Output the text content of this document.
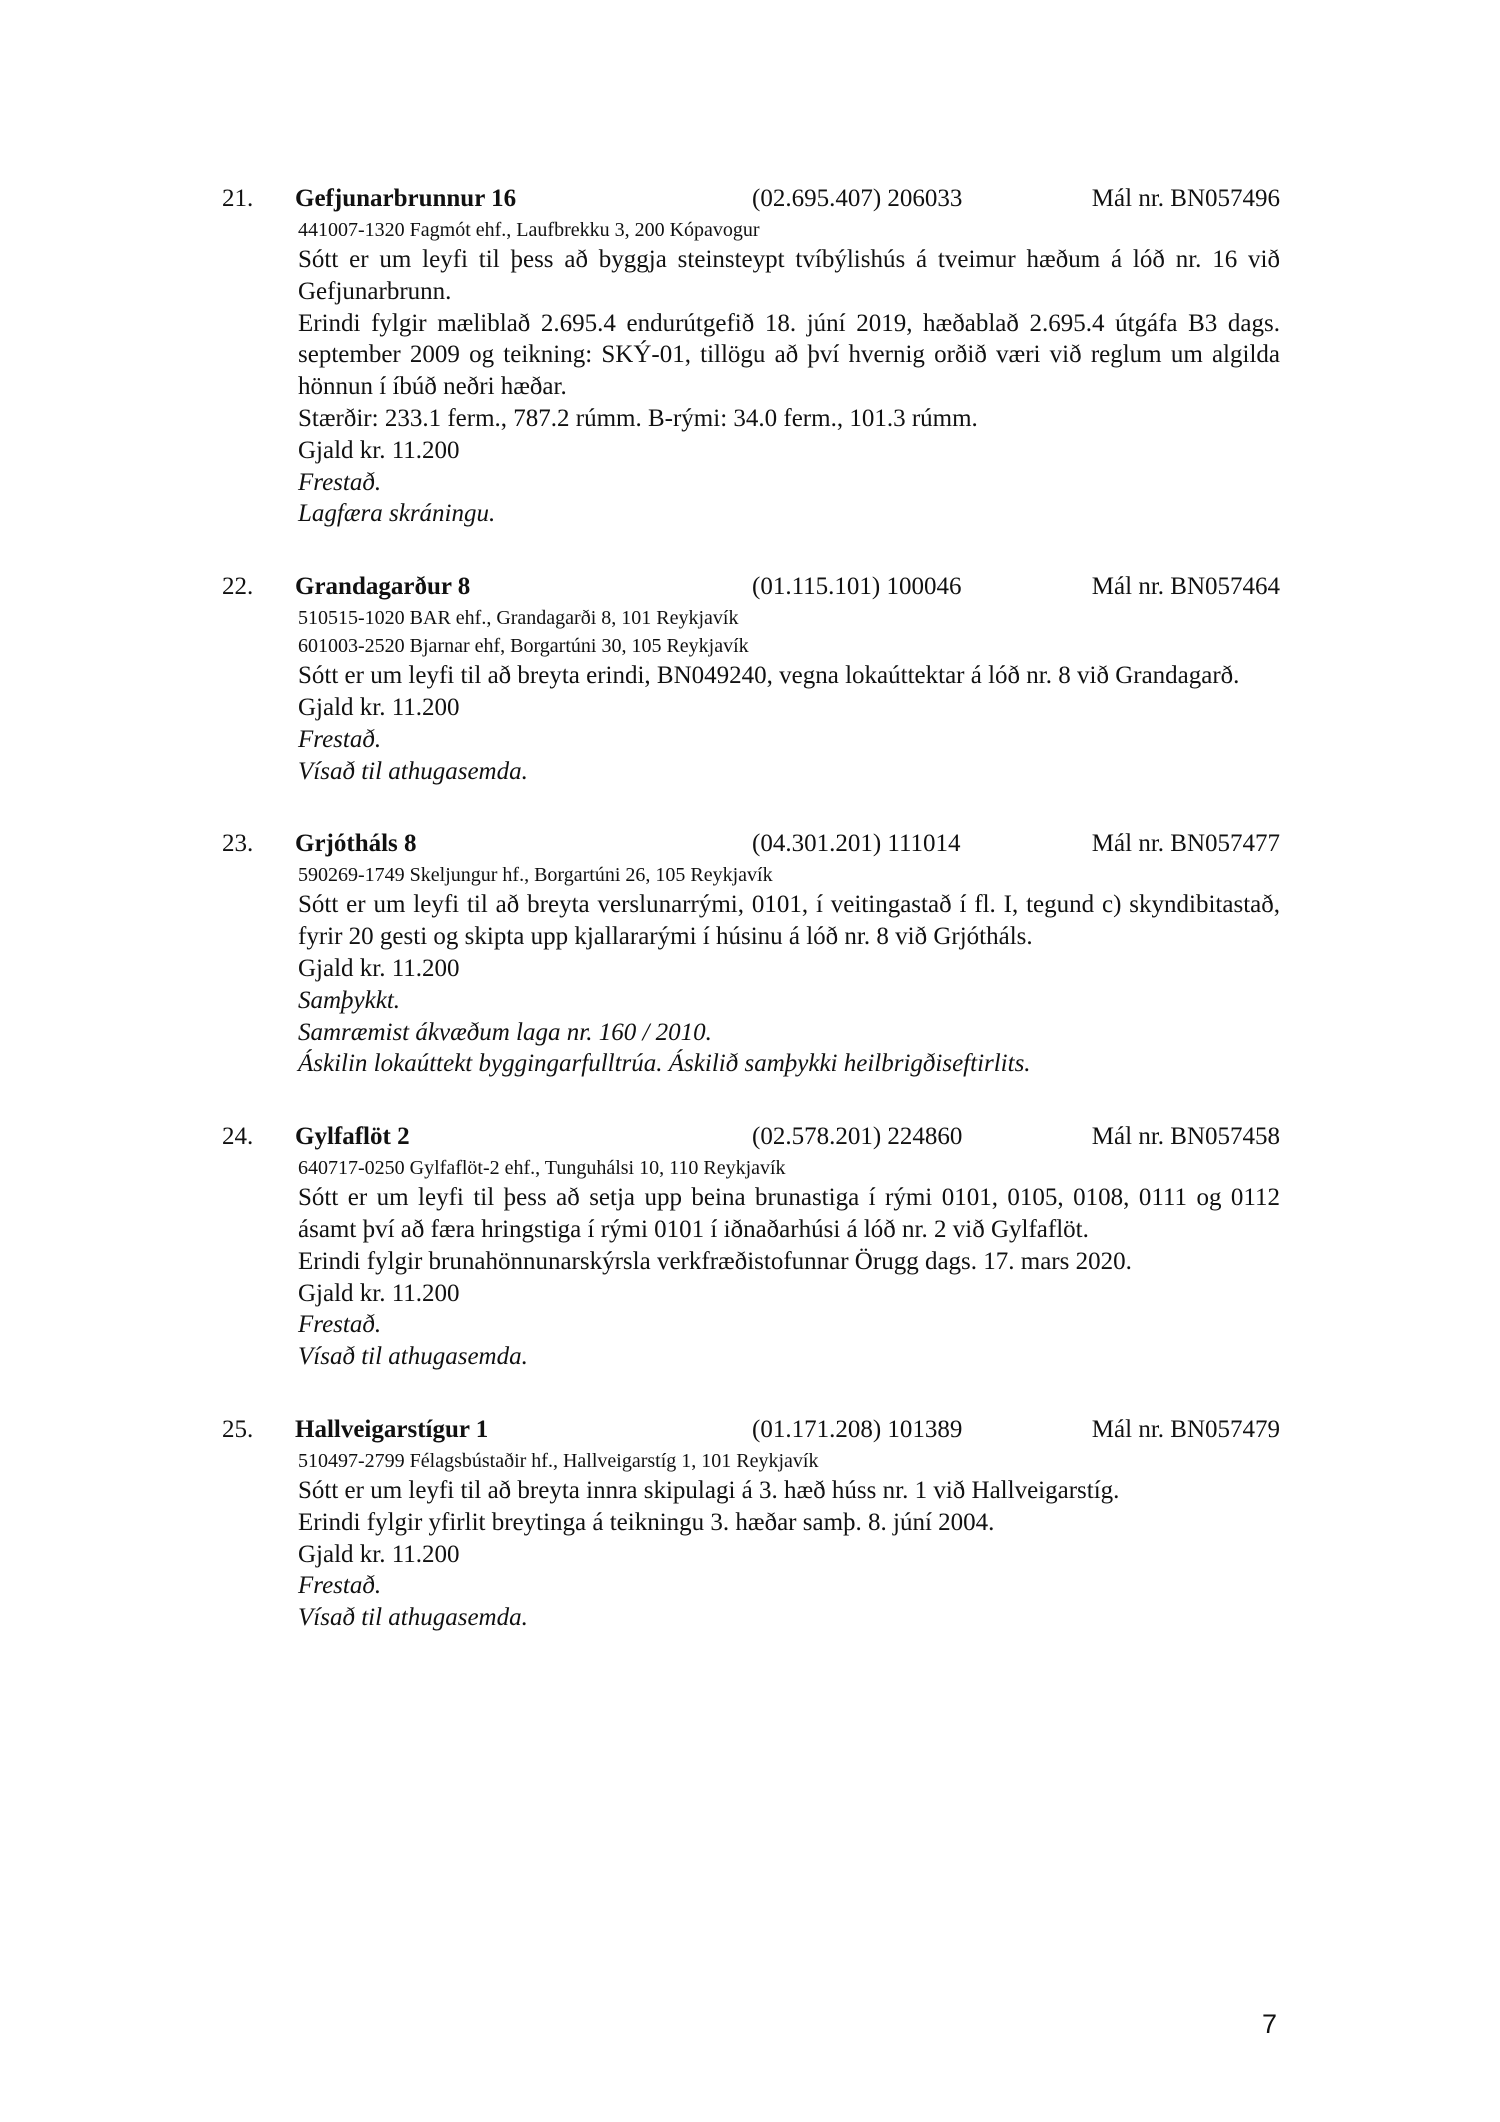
21. Gefjunarbrunnur 16	(02.695.407) 206033	Mál nr. BN057496
441007-1320 Fagmót ehf., Laufbrekku 3, 200 Kópavogur
Sótt er um leyfi til þess að byggja steinsteypt tvíbýlishús á tveimur hæðum á lóð nr. 16 við Gefjunarbrunn.
Erindi fylgir mæliblað 2.695.4 endurútgefið 18. júní 2019, hæðablað 2.695.4 útgáfa B3 dags. september 2009 og teikning: SKÝ-01, tillögu að því hvernig orðið væri við reglum um algilda hönnun í íbúð neðri hæðar.
Stærðir: 233.1 ferm., 787.2 rúmm. B-rými: 34.0 ferm., 101.3 rúmm.
Gjald kr. 11.200
Frestað.
Lagfæra skráningu.
22. Grandagarður 8	(01.115.101) 100046	Mál nr. BN057464
510515-1020 BAR ehf., Grandagarði 8, 101 Reykjavík
601003-2520 Bjarnar ehf, Borgartúni 30, 105 Reykjavík
Sótt er um leyfi til að breyta erindi, BN049240, vegna lokaúttektar á lóð nr. 8 við Grandagarð.
Gjald kr. 11.200
Frestað.
Vísað til athugasemda.
23. Grjótháls 8	(04.301.201) 111014	Mál nr. BN057477
590269-1749 Skeljungur hf., Borgartúni 26, 105 Reykjavík
Sótt er um leyfi til að breyta verslunarrými, 0101, í veitingastað í fl. I, tegund c) skyndibitastað, fyrir 20 gesti og skipta upp kjallararými í húsinu á lóð nr. 8 við Grjótháls.
Gjald kr. 11.200
Samþykkt.
Samræmist ákvæðum laga nr. 160 / 2010.
Áskilin lokaúttekt byggingarfulltrúa. Áskilið samþykki heilbrigðiseftirlits.
24. Gylfaflöt 2	(02.578.201) 224860	Mál nr. BN057458
640717-0250 Gylfaflöt-2 ehf., Tunguhálsi 10, 110 Reykjavík
Sótt er um leyfi til þess að setja upp beina brunastiga í rými 0101, 0105, 0108, 0111 og 0112 ásamt því að færa hringstiga í rými 0101 í iðnaðarhúsi á lóð nr. 2 við Gylfaflöt.
Erindi fylgir brunahönnunarskýrsla verkfræðistofunnar Örugg dags. 17. mars 2020.
Gjald kr. 11.200
Frestað.
Vísað til athugasemda.
25. Hallveigarstígur 1	(01.171.208) 101389	Mál nr. BN057479
510497-2799 Félagsbústaðir hf., Hallveigarstíg 1, 101 Reykjavík
Sótt er um leyfi til að breyta innra skipulagi á 3. hæð húss nr. 1 við Hallveigarstíg.
Erindi fylgir yfirlit breytinga á teikningu 3. hæðar samþ. 8. júní 2004.
Gjald kr. 11.200
Frestað.
Vísað til athugasemda.
7
